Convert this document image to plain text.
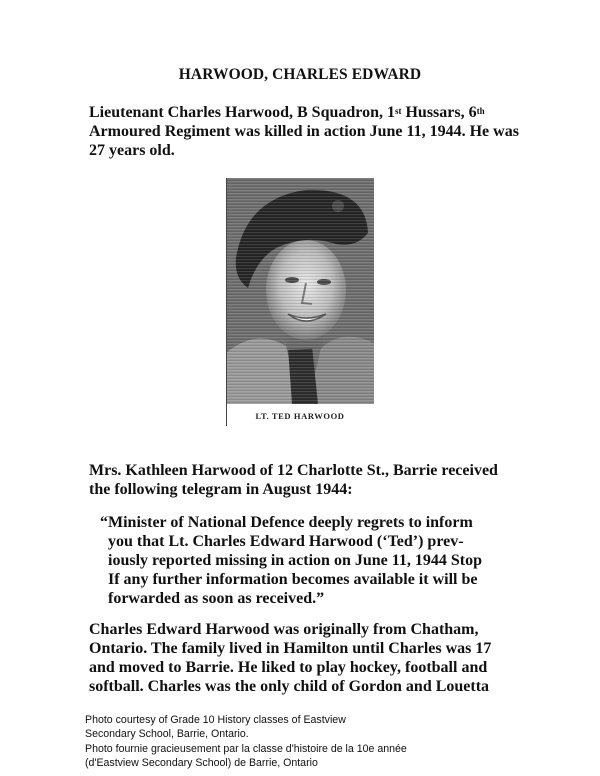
HARWOOD, CHARLES EDWARD
Lieutenant Charles Harwood, B Squadron, 1st Hussars, 6th
Armoured Regiment was killed in action June 11, 1944. He was
27 years old.
LT. TED HARWOOD
Mrs. Kathleen Harwood of 12 Charlotte St., Barrie received
the following telegram in August 1944:
“Minister of National Defence deeply regrets to inform
you that Lt. Charles Edward Harwood (‘Ted’) prev-
iously reported missing in action on June 11, 1944 Stop
If any further information becomes available it will be
forwarded as soon as received.”
Charles Edward Harwood was originally from Chatham,
Ontario. The family lived in Hamilton until Charles was 17
and moved to Barrie. He liked to play hockey, football and
softball. Charles was the only child of Gordon and Louetta
Photo courtesy of Grade 10 History classes of Eastview
Secondary School, Barrie, Ontario.
Photo fournie gracieusement par la classe d'histoire de la 10e année
(d'Eastview Secondary School) de Barrie, Ontario
